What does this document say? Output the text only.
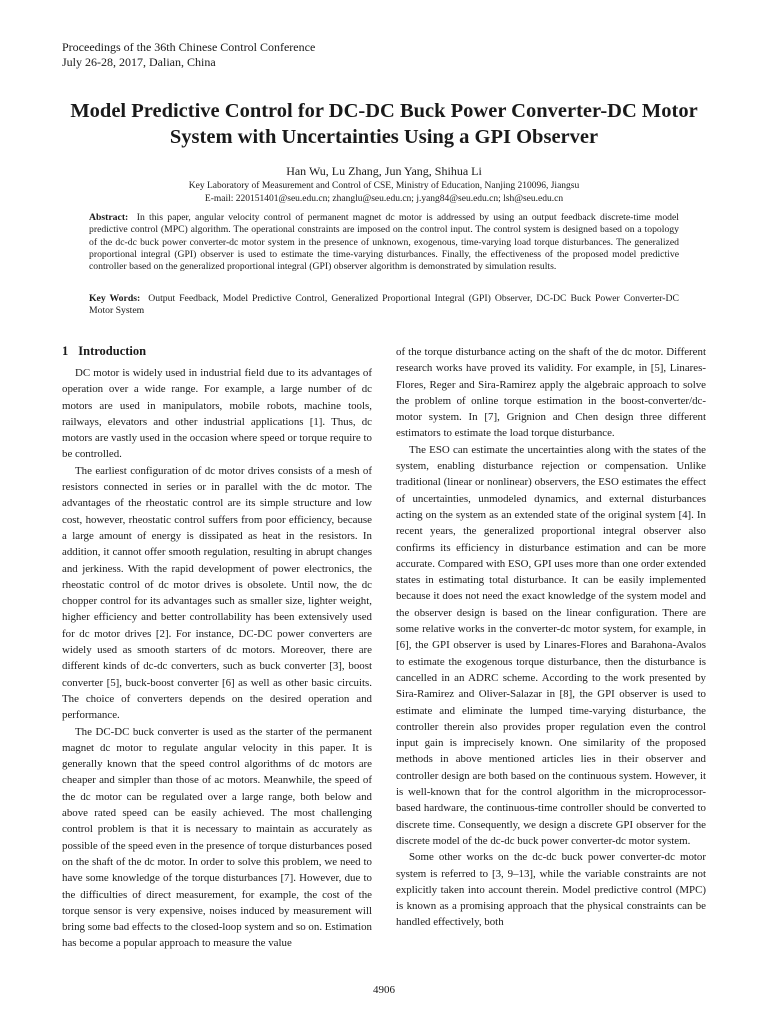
Proceedings of the 36th Chinese Control Conference
July 26-28, 2017, Dalian, China
Model Predictive Control for DC-DC Buck Power Converter-DC Motor System with Uncertainties Using a GPI Observer
Han Wu, Lu Zhang, Jun Yang, Shihua Li
Key Laboratory of Measurement and Control of CSE, Ministry of Education, Nanjing 210096, Jiangsu
E-mail: 220151401@seu.edu.cn; zhanglu@seu.edu.cn; j.yang84@seu.edu.cn; lsh@seu.edu.cn

Abstract: In this paper, angular velocity control of permanent magnet dc motor is addressed by using an output feedback discrete-time model predictive control (MPC) algorithm. The operational constraints are imposed on the control input. The control system is designed based on a topology of the dc-dc buck power converter-dc motor system in the presence of unknown, exogenous, time-varying load torque disturbances. The generalized proportional integral (GPI) observer is used to estimate the time-varying disturbances. Finally, the effectiveness of the proposed model predictive controller based on the generalized proportional integral (GPI) observer algorithm is demonstrated by simulation results.

Key Words: Output Feedback, Model Predictive Control, Generalized Proportional Integral (GPI) Observer, DC-DC Buck Power Converter-DC Motor System

1 Introduction

DC motor is widely used in industrial field due to its advantages of operation over a wide range. For example, a large number of dc motors are used in manipulators, mobile robots, machine tools, railways, elevators and other industrial applications [1]. Thus, dc motors are vastly used in the occasion where speed or torque require to be controlled.

The earliest configuration of dc motor drives consists of a mesh of resistors connected in series or in parallel with the dc motor. The advantages of the rheostatic control are its simple structure and low cost, however, rheostatic control suffers from poor efficiency, because a large amount of energy is dissipated as heat in the resistors. In addition, it cannot offer smooth regulation, resulting in abrupt changes and jerkiness. With the rapid development of power electronics, the rheostatic control of dc motor drives is obsolete. Until now, the dc chopper control for its advantages such as smaller size, lighter weight, higher efficiency and better controllability has been extensively used for dc motor drives [2]. For instance, DC-DC power converters are widely used as smooth starters of dc motors. Moreover, there are different kinds of dc-dc converters, such as buck converter [3], boost converter [5], buck-boost converter [6] as well as other basic circuits. The choice of converters depends on the desired operation and performance.

The DC-DC buck converter is used as the starter of the permanent magnet dc motor to regulate angular velocity in this paper. It is generally known that the speed control algorithms of dc motors are cheaper and simpler than those of ac motors. Meanwhile, the speed of the dc motor can be regulated over a large range, both below and above rated speed can be easily achieved. The most challenging control problem is that it is necessary to maintain as accurately as possible of the speed even in the presence of torque disturbances posed on the shaft of the dc motor. In order to solve this problem, we need to have some knowledge of the torque disturbances [7]. However, due to the difficulties of direct measurement, for example, the cost of the torque sensor is very expensive, noises induced by measurement will bring some bad effects to the closed-loop system and so on. Estimation has become a popular approach to measure the value

of the torque disturbance acting on the shaft of the dc motor. Different research works have proved its validity. For example, in [5], Linares-Flores, Reger and Sira-Ramirez apply the algebraic approach to solve the problem of online torque estimation in the boost-converter/dc-motor system. In [7], Grignion and Chen design three different estimators to estimate the load torque disturbance.

The ESO can estimate the uncertainties along with the states of the system, enabling disturbance rejection or compensation. Unlike traditional (linear or nonlinear) observers, the ESO estimates the effect of uncertainties, unmodeled dynamics, and external disturbances acting on the system as an extended state of the original system [4]. In recent years, the generalized proportional integral observer also confirms its efficiency in disturbance estimation and can be more accurate. Compared with ESO, GPI uses more than one order extended states in estimating total disturbance. It can be easily implemented because it does not need the exact knowledge of the system model and the observer design is based on the linear configuration. There are some relative works in the converter-dc motor system, for example, in [6], the GPI observer is used by Linares-Flores and Barahona-Avalos to estimate the exogenous torque disturbance, then the disturbance is cancelled in an ADRC scheme. According to the work presented by Sira-Ramirez and Oliver-Salazar in [8], the GPI observer is used to estimate and eliminate the lumped time-varying disturbance, the controller therein also provides proper regulation even the control input gain is imprecisely known. One similarity of the proposed methods in above mentioned articles lies in their observer and controller design are both based on the continuous system. However, it is well-known that for the control algorithm in the microprocessor-based hardware, the continuous-time controller should be converted to discrete time. Consequently, we design a discrete GPI observer for the discrete model of the dc-dc buck power converter-dc motor system.

Some other works on the dc-dc buck power converter-dc motor system is referred to [3, 9–13], while the variable constraints are not explicitly taken into account therein. Model predictive control (MPC) is known as a promising approach that the physical constraints can be handled effectively, both

4906
